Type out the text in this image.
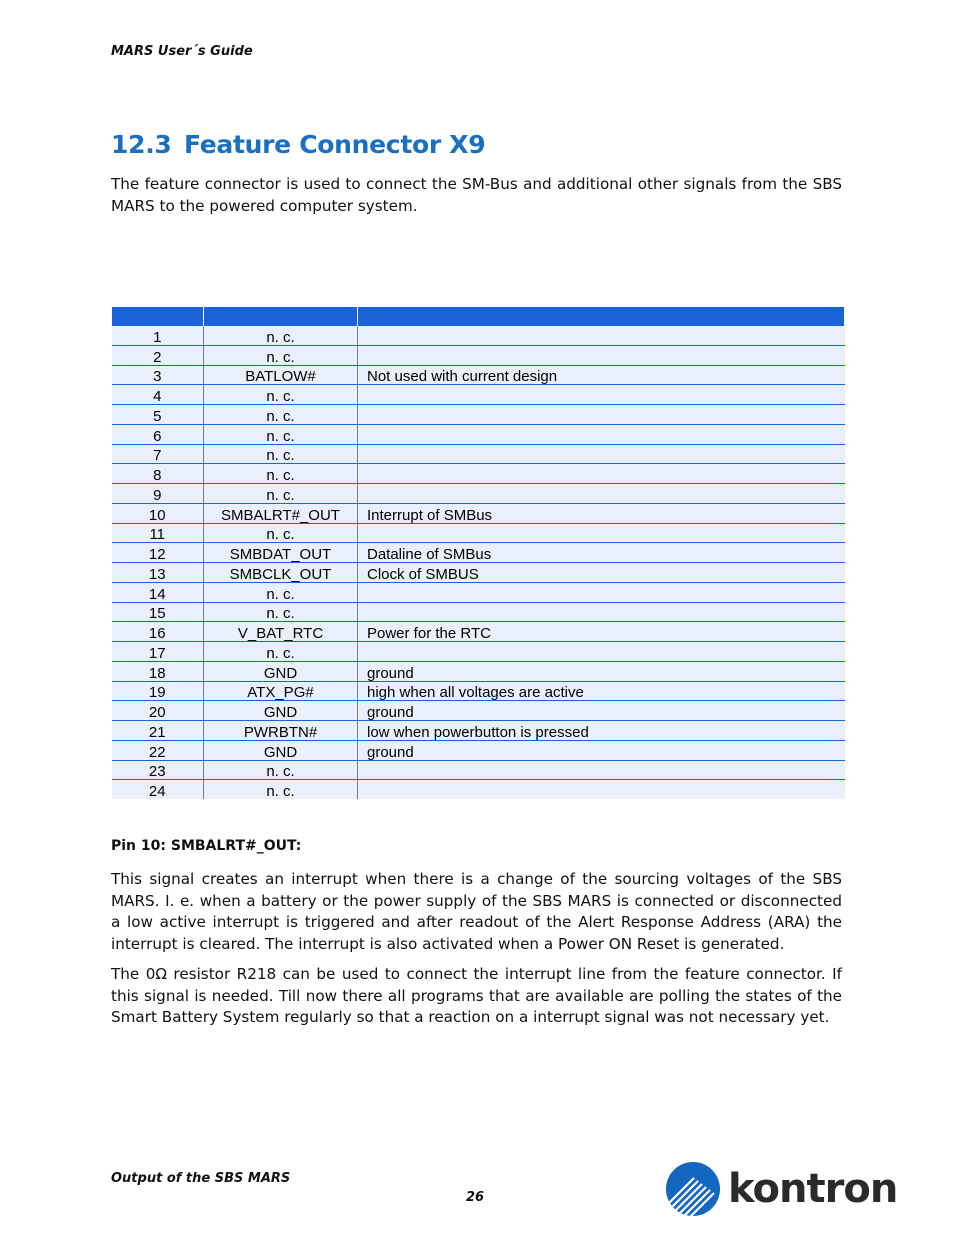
MARS User´s Guide
12.3 Feature Connector X9

The feature connector is used to connect the SM-Bus and additional other signals from the SBS MARS to the powered computer system.

1	n. c.	
2	n. c.	
3	BATLOW#	Not used with current design
4	n. c.	
5	n. c.	
6	n. c.	
7	n. c.	
8	n. c.	
9	n. c.	
10	SMBALRT#_OUT	Interrupt of SMBus
11	n. c.	
12	SMBDAT_OUT	Dataline of SMBus
13	SMBCLK_OUT	Clock of SMBUS
14	n. c.	
15	n. c.	
16	V_BAT_RTC	Power for the RTC
17	n. c.	
18	GND	ground
19	ATX_PG#	high when all voltages are active
20	GND	ground
21	PWRBTN#	low when powerbutton is pressed
22	GND	ground
23	n. c.	
24	n. c.	
Pin 10: SMBALRT#_OUT:

This signal creates an interrupt when there is a change of the sourcing voltages of the SBS MARS. I. e. when a battery or the power supply of the SBS MARS is connected or disconnected a low active interrupt is triggered and after readout of the Alert Response Address (ARA) the interrupt is cleared. The interrupt is also activated when a Power ON Reset is generated.

The 0Ω resistor R218 can be used to connect the interrupt line from the feature connector. If this signal is needed. Till now there all programs that are available are polling the states of the Smart Battery System regularly so that a reaction on a interrupt signal was not necessary yet.

Output of the SBS MARS
26	kontron
